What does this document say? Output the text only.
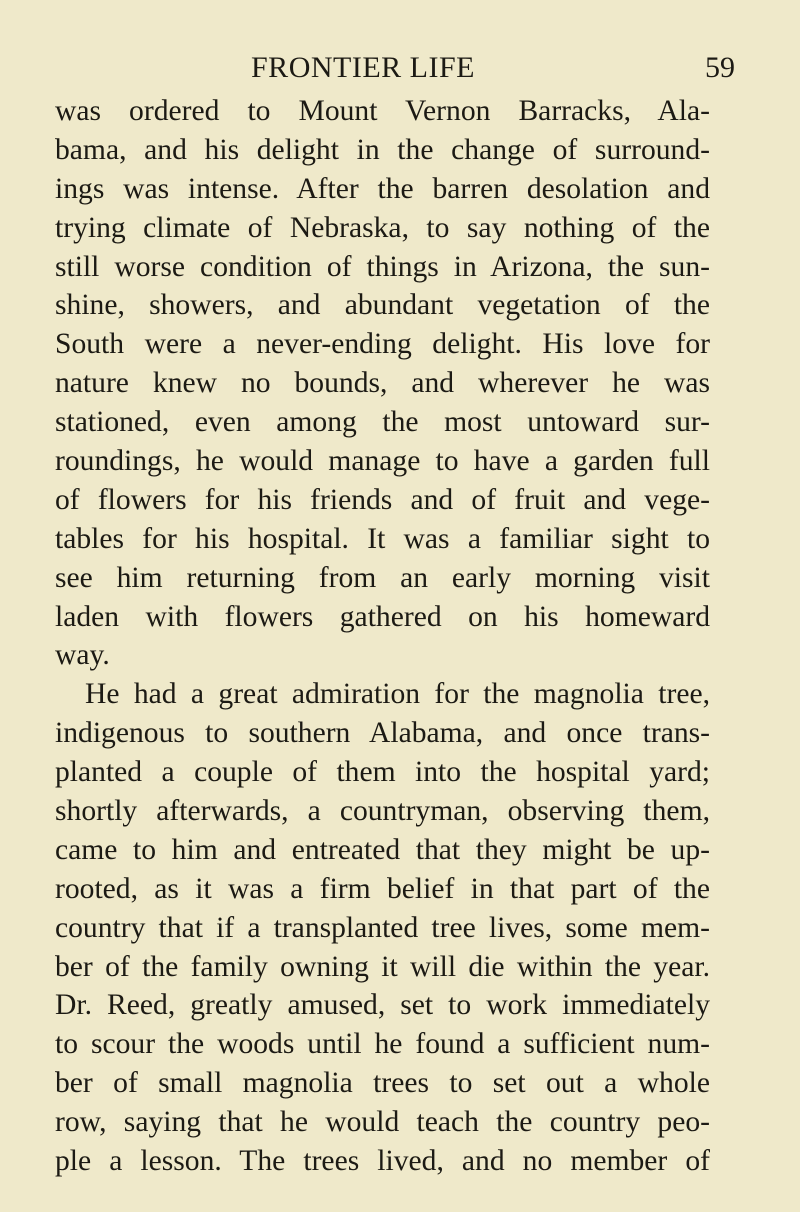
FRONTIER LIFE	59
was ordered to Mount Vernon Barracks, Ala-
bama, and his delight in the change of surround-
ings was intense. After the barren desolation and
trying climate of Nebraska, to say nothing of the
still worse condition of things in Arizona, the sun-
shine, showers, and abundant vegetation of the
South were a never-ending delight. His love for
nature knew no bounds, and wherever he was
stationed, even among the most untoward sur-
roundings, he would manage to have a garden full
of flowers for his friends and of fruit and vege-
tables for his hospital. It was a familiar sight to
see him returning from an early morning visit
laden with flowers gathered on his homeward
way.
He had a great admiration for the magnolia tree,
indigenous to southern Alabama, and once trans-
planted a couple of them into the hospital yard;
shortly afterwards, a countryman, observing them,
came to him and entreated that they might be up-
rooted, as it was a firm belief in that part of the
country that if a transplanted tree lives, some mem-
ber of the family owning it will die within the year.
Dr. Reed, greatly amused, set to work immediately
to scour the woods until he found a sufficient num-
ber of small magnolia trees to set out a whole
row, saying that he would teach the country peo-
ple a lesson. The trees lived, and no member of
